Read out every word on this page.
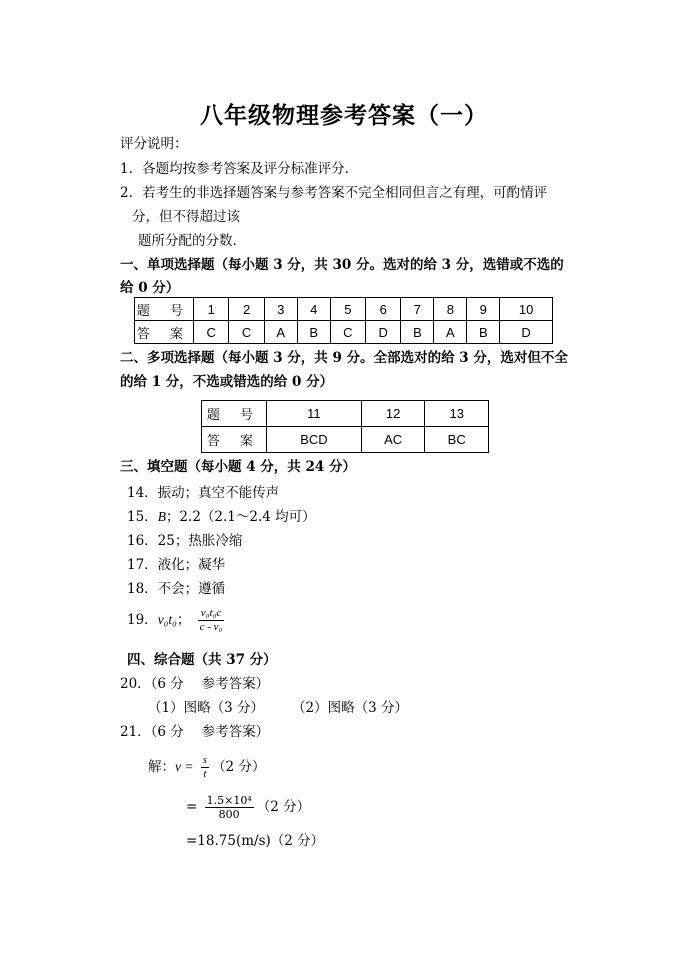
八年级物理参考答案（一）
评分说明：
1．各题均按参考答案及评分标准评分．
2．若考生的非选择题答案与参考答案不完全相同但言之有理，可酌情评
分，但不得超过该
题所分配的分数．
一、单项选择题（每小题 3 分，共 30 分。选对的给 3 分，选错或不选的
给 0 分）
题 号	1	2	3	4	5	6	7	8	9	10
答 案	C	C	A	B	C	D	B	A	B	D
二、多项选择题（每小题 3 分，共 9 分。全部选对的给 3 分，选对但不全
的给 1 分，不选或错选的给 0 分）
题 号	11	12	13
答 案	BCD	AC	BC
三、填空题（每小题 4 分，共 24 分）
14．振动；真空不能传声
15．B；2.2（2.1～2.4 均可）
16．25；热胀冷缩
17．液化；凝华
18．不会；遵循
19．v₀t₀； $\frac{\text{v₀t₀c}}{\text{c - v₀}}$
四、综合题（共 37 分）
20．（6 分　 参考答案）
（1）图略（3 分） （2）图略（3 分）
21．（6 分　 参考答案）
解：$v = \frac{s}{t} (2$ 分）
= $\frac{\text{1.5×10⁴}}{800} (2$ 分）
=18.75(m/s)（2 分）
